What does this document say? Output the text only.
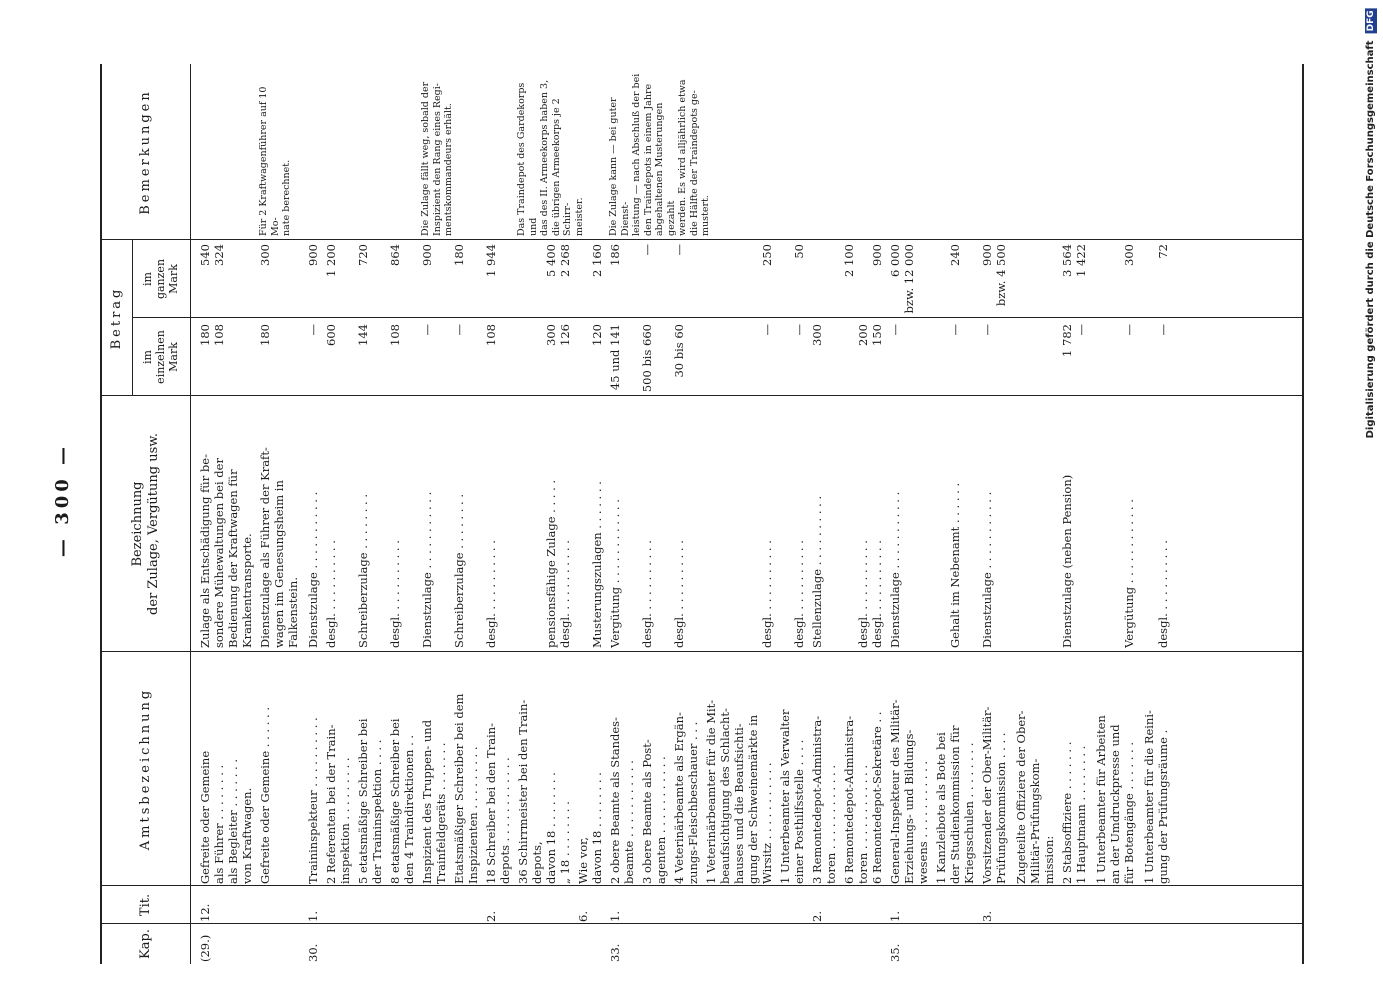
— 300 —
Kap.
Tit.
Amtsbezeichnung
Bezeichnung
der Zulage, Vergütung usw.
Betrag
im
einzelnen
Mark
im
ganzen
Mark
Bemerkungen
(29.)
12.
Gefreite oder Gemeine
als Führer . . . . . . . .
als Begleiter . . . . . . .
von Kraftwagen.
Zulage als Entschädigung für be-
sondere Mühewaltungen bei der
Bedienung der Kraftwagen für
Krankentransporte.
180
108
540
324
Gefreite oder Gemeine . . . . . .
Dienstzulage als Führer der Kraft-
wagen im Genesungsheim in
Falkenstein.
180
300
Für 2 Kraftwagenführer auf 10 Mo-
nate berechnet.
30.
1.
Traininspekteur . . . . . . . . . .
Dienstzulage . . . . . . . . . . .
—
900
2 Referenten bei der Train-
inspektion . . . . . . . . .
desgl. . . . . . . . . . .
600
1 200
5 etatsmäßige Schreiber bei
der Traininspektion . . . .
Schreiberzulage . . . . . . . .
144
720
8 etatsmäßige Schreiber bei
den 4 Traindirektionen . .
desgl. . . . . . . . . . .
108
864
Inspizient des Truppen- und
Trainfeldgeräts . . . . . . .
Dienstzulage . . . . . . . . . . .
—
900
Die Zulage fällt weg, sobald der
Inspizient den Rang eines Regi-
mentskommandeurs erhält.
Etatsmäßiger Schreiber bei dem
Inspizienten . . . . . . . . .
Schreiberzulage . . . . . . . .
—
180
2.
18 Schreiber bei den Train-
depots . . . . . . . . . . . .
desgl. . . . . . . . . . .
108
1 944
36 Schirrmeister bei den Train-
depots,
davon 18 . . . . . . . .
„ 18 . . . . . . . .

pensionsfähige Zulage . . . . .
desgl. . . . . . . . . . .

300
126

5 400
2 268
Das Traindepot des Gardekorps und
das des II. Armeekorps haben 3,
die übrigen Armeekorps je 2 Schirr-
meister.
6.
Wie vor,
davon 18 . . . . . . . .

Musterungszulagen . . . . . . .

120

2 160
33.
1.
2 obere Beamte als Standes-
beamte . . . . . . . . . . .
Vergütung . . . . . . . . . . . .
45 und 141
186
Die Zulage kann — bei guter Dienst-
leistung — nach Abschluß der bei
den Traindepots in einem Jahre
abgehaltenen Musterungen gezahlt
werden. Es wird alljährlich etwa
die Hälfte der Traindepots ge-
mustert.
3 obere Beamte als Post-
agenten . . . . . . . . . . .
desgl. . . . . . . . . . .
500 bis 660
—
4 Veterinärbeamte als Ergän-
zungs-Fleischbeschauer . . .
desgl. . . . . . . . . . .
30 bis 60
—
1 Veterinärbeamter für die Mit-
beaufsichtigung des Schlacht-
hauses und die Beaufsichti-
gung der Schweinemärkte in
Wirsitz . . . . . . . . . . .

desgl. . . . . . . . . . .

—

250
1 Unterbeamter als Verwalter
einer Posthilfsstelle . . . .

desgl. . . . . . . . . . .

—

50
2.
3 Remontedepot-Administra-
toren . . . . . . . . . . . .
Stellenzulage . . . . . . . . . .
300
6 Remontedepot-Administra-
toren . . . . . . . . . . . .
6 Remontedepot-Sekretäre . .

desgl. . . . . . . . . . .
desgl. . . . . . . . . . .

200
150
2 100

900
35.
1.
General-Inspekteur des Militär-
Erziehungs- und Bildungs-
wesens . . . . . . . . . . .
Dienstzulage . . . . . . . . . . .
—
6 000
bzw. 12 000
1 Kanzleibote als Bote bei
der Studienkommission für
Kriegsschulen . . . . . . . .

Gehalt im Nebenamt . . . . . .

—

240
3.
Vorsitzender der Ober-Militär-
Prüfungskommission . . . .
Dienstzulage . . . . . . . . . . .
—
900
bzw. 4 500
Zugeteilte Offiziere der Ober-
Militär-Prüfungskom-
mission: 2 Stabsoffiziere . . . . . . .
1 Hauptmann . . . . . . . .
Dienstzulage (neben Pension)
1 782
—
3 564
1 422
1 Unterbeamter für Arbeiten
an der Umdruckpresse und
für Botengänge . . . . . . .

Vergütung . . . . . . . . . . . .

—

300
1 Unterbeamter für die Reini-
gung der Prüfungsräume .

desgl. . . . . . . . . . .

—

72	Digitalisierung gefördert durch die Deutsche Forschungsgemeinschaft DFG
